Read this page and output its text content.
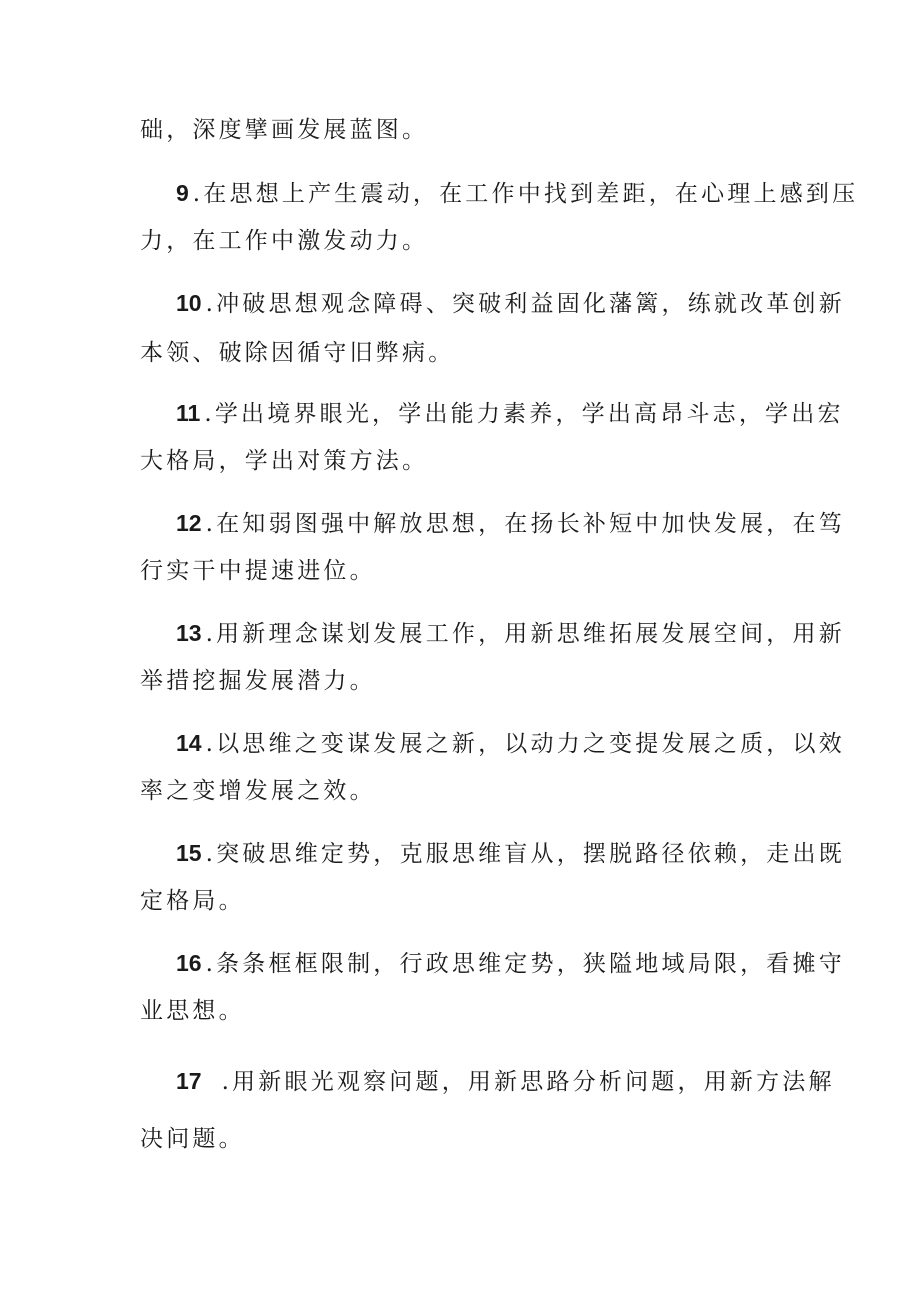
础，深度擘画发展蓝图。
9 .在思想上产生震动，在工作中找到差距，在心理上感到压
力，在工作中激发动力。
10 .冲破思想观念障碍、突破利益固化藩篱，练就改革创新
本领、破除因循守旧弊病。
11 .学出境界眼光，学出能力素养，学出高昂斗志，学出宏
大格局，学出对策方法。
12 .在知弱图强中解放思想，在扬长补短中加快发展，在笃
行实干中提速进位。
13 .用新理念谋划发展工作，用新思维拓展发展空间，用新
举措挖掘发展潜力。
14 .以思维之变谋发展之新，以动力之变提发展之质，以效
率之变增发展之效。
15 .突破思维定势，克服思维盲从，摆脱路径依赖，走出既
定格局。
16 .条条框框限制，行政思维定势，狭隘地域局限，看摊守
业思想。
17 .用新眼光观察问题，用新思路分析问题，用新方法解
决问题。
